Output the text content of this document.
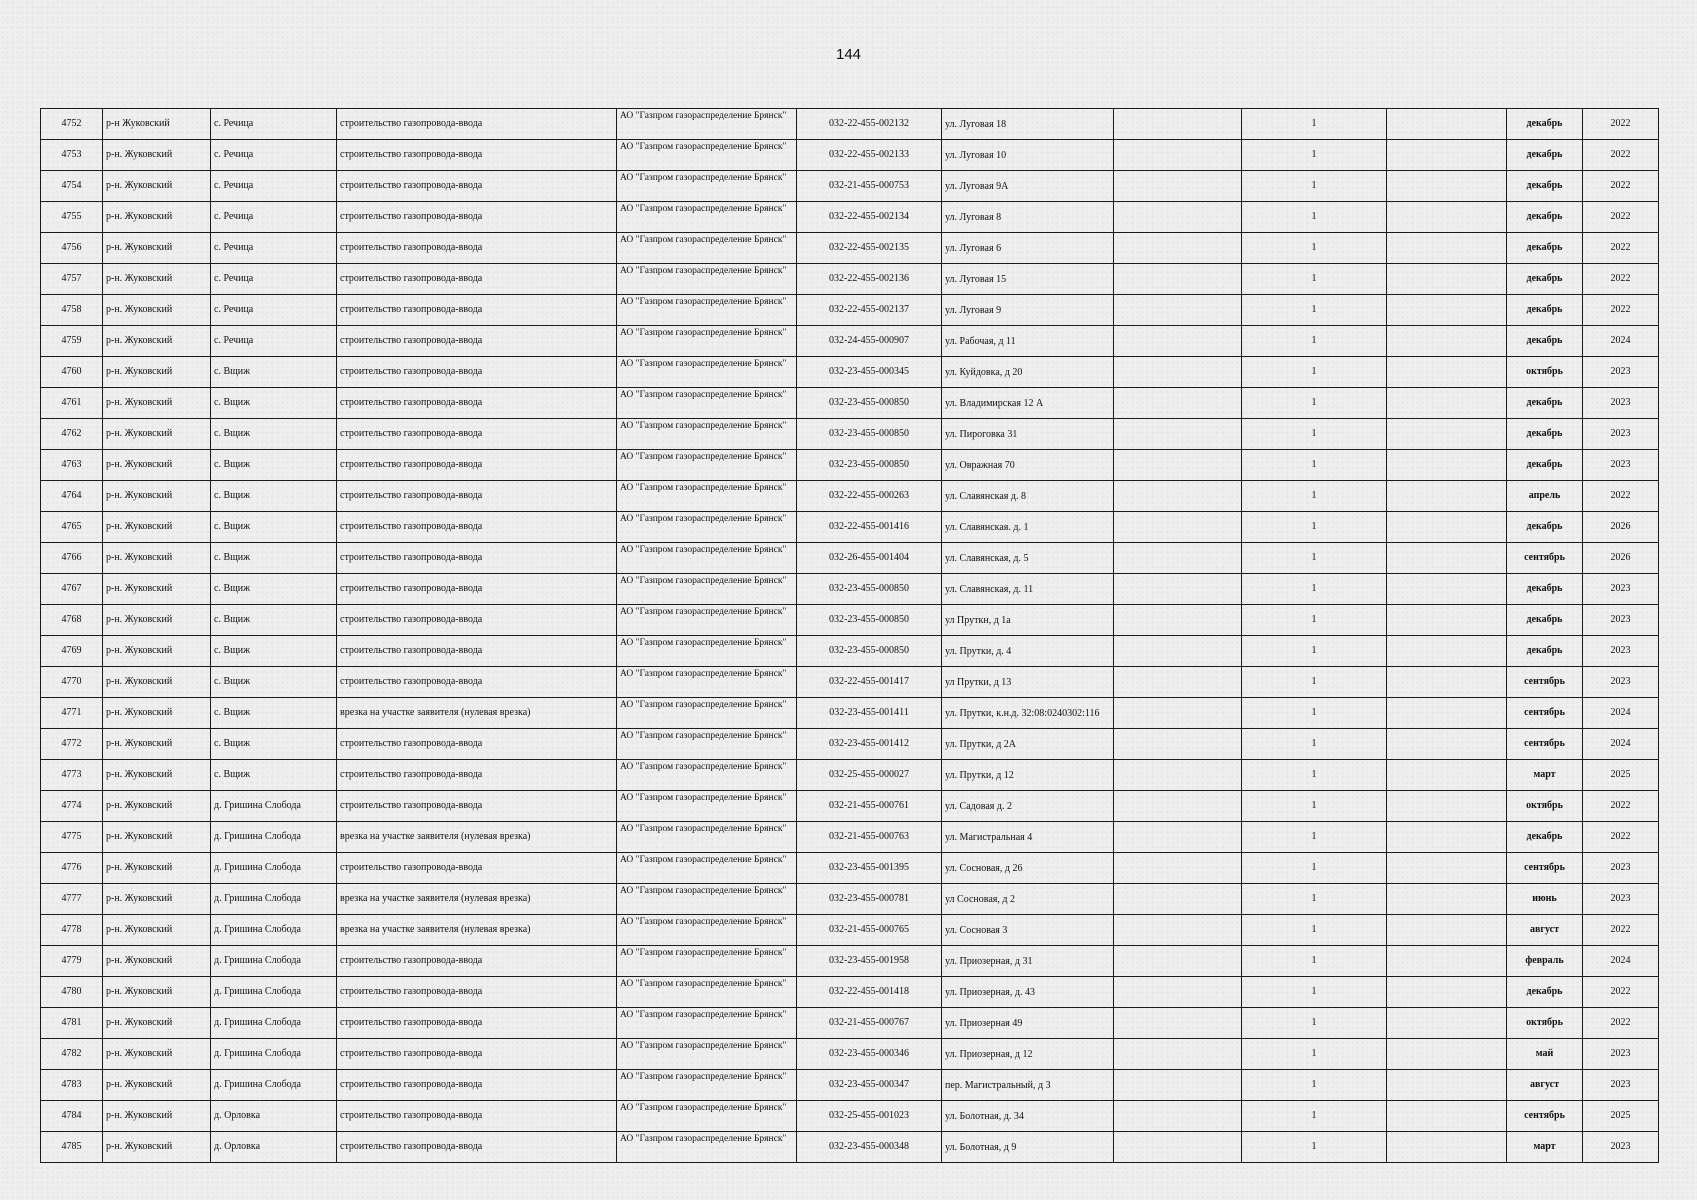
144
4752	р-н Жуковский	с. Речица	строительство газопровода-ввода	АО "Газпром газораспределение Брянск"	032-22-455-002132	ул. Луговая 18		1		декабрь	2022
4753	р-н. Жуковский	с. Речица	строительство газопровода-ввода	АО "Газпром газораспределение Брянск"	032-22-455-002133	ул. Луговая 10		1		декабрь	2022
4754	р-н. Жуковский	с. Речица	строительство газопровода-ввода	АО "Газпром газораспределение Брянск"	032-21-455-000753	ул. Луговая 9А		1		декабрь	2022
4755	р-н. Жуковский	с. Речица	строительство газопровода-ввода	АО "Газпром газораспределение Брянск"	032-22-455-002134	ул. Луговая 8		1		декабрь	2022
4756	р-н. Жуковский	с. Речица	строительство газопровода-ввода	АО "Газпром газораспределение Брянск"	032-22-455-002135	ул. Луговая 6		1		декабрь	2022
4757	р-н. Жуковский	с. Речица	строительство газопровода-ввода	АО "Газпром газораспределение Брянск"	032-22-455-002136	ул. Луговая 15		1		декабрь	2022
4758	р-н. Жуковский	с. Речица	строительство газопровода-ввода	АО "Газпром газораспределение Брянск"	032-22-455-002137	ул. Луговая 9		1		декабрь	2022
4759	р-н. Жуковский	с. Речица	строительство газопровода-ввода	АО "Газпром газораспределение Брянск"	032-24-455-000907	ул. Рабочая, д 11		1		декабрь	2024
4760	р-н. Жуковский	с. Вщиж	строительство газопровода-ввода	АО "Газпром газораспределение Брянск"	032-23-455-000345	ул. Куйдовка, д 20		1		октябрь	2023
4761	р-н. Жуковский	с. Вщиж	строительство газопровода-ввода	АО "Газпром газораспределение Брянск"	032-23-455-000850	ул. Владимирская 12 А		1		декабрь	2023
4762	р-н. Жуковский	с. Вщиж	строительство газопровода-ввода	АО "Газпром газораспределение Брянск"	032-23-455-000850	ул. Пироговка 31		1		декабрь	2023
4763	р-н. Жуковский	с. Вщиж	строительство газопровода-ввода	АО "Газпром газораспределение Брянск"	032-23-455-000850	ул. Овражная 70		1		декабрь	2023
4764	р-н. Жуковский	с. Вщиж	строительство газопровода-ввода	АО "Газпром газораспределение Брянск"	032-22-455-000263	ул. Славянская д. 8		1		апрель	2022
4765	р-н. Жуковский	с. Вщиж	строительство газопровода-ввода	АО "Газпром газораспределение Брянск"	032-22-455-001416	ул. Славянская. д. 1		1		декабрь	2026
4766	р-н. Жуковский	с. Вщиж	строительство газопровода-ввода	АО "Газпром газораспределение Брянск"	032-26-455-001404	ул. Славянская, д. 5		1		сентябрь	2026
4767	р-н. Жуковский	с. Вщиж	строительство газопровода-ввода	АО "Газпром газораспределение Брянск"	032-23-455-000850	ул. Славянская, д. 11		1		декабрь	2023
4768	р-н. Жуковский	с. Вщиж	строительство газопровода-ввода	АО "Газпром газораспределение Брянск"	032-23-455-000850	ул Пруткн, д 1а		1		декабрь	2023
4769	р-н. Жуковский	с. Вщиж	строительство газопровода-ввода	АО "Газпром газораспределение Брянск"	032-23-455-000850	ул. Прутки, д. 4		1		декабрь	2023
4770	р-н. Жуковский	с. Вщиж	строительство газопровода-ввода	АО "Газпром газораспределение Брянск"	032-22-455-001417	ул Прутки, д 13		1		сентябрь	2023
4771	р-н. Жуковский	с. Вщиж	врезка на участке заявителя (нулевая врезка)	АО "Газпром газораспределение Брянск"	032-23-455-001411	ул. Прутки, к.н.д. 32:08:0240302:116		1		сентябрь	2024
4772	р-н. Жуковский	с. Вщиж	строительство газопровода-ввода	АО "Газпром газораспределение Брянск"	032-23-455-001412	ул. Прутки, д 2А		1		сентябрь	2024
4773	р-н. Жуковский	с. Вщиж	строительство газопровода-ввода	АО "Газпром газораспределение Брянск"	032-25-455-000027	ул. Прутки, д 12		1		март	2025
4774	р-н. Жуковский	д. Гришина Слобода	строительство газопровода-ввода	АО "Газпром газораспределение Брянск"	032-21-455-000761	ул. Садовая д. 2		1		октябрь	2022
4775	р-н. Жуковский	д. Гришина Слобода	врезка на участке заявителя (нулевая врезка)	АО "Газпром газораспределение Брянск"	032-21-455-000763	ул. Магистральная 4		1		декабрь	2022
4776	р-н. Жуковский	д. Гришина Слобода	строительство газопровода-ввода	АО "Газпром газораспределение Брянск"	032-23-455-001395	ул. Сосновая, д 26		1		сентябрь	2023
4777	р-н. Жуковский	д. Гришина Слобода	врезка на участке заявителя (нулевая врезка)	АО "Газпром газораспределение Брянск"	032-23-455-000781	ул Сосновая, д 2		1		июнь	2023
4778	р-н. Жуковский	д. Гришина Слобода	врезка на участке заявителя (нулевая врезка)	АО "Газпром газораспределение Брянск"	032-21-455-000765	ул. Сосновая 3		1		август	2022
4779	р-н. Жуковский	д. Гришина Слобода	строительство газопровода-ввода	АО "Газпром газораспределение Брянск"	032-23-455-001958	ул. Приозерная, д 31		1		февраль	2024
4780	р-н. Жуковский	д. Гришина Слобода	строительство газопровода-ввода	АО "Газпром газораспределение Брянск"	032-22-455-001418	ул. Приозерная, д. 43		1		декабрь	2022
4781	р-н. Жуковский	д. Гришина Слобода	строительство газопровода-ввода	АО "Газпром газораспределение Брянск"	032-21-455-000767	ул. Приозерная 49		1		октябрь	2022
4782	р-н. Жуковский	д. Гришина Слобода	строительство газопровода-ввода	АО "Газпром газораспределение Брянск"	032-23-455-000346	ул. Приозерная, д 12		1		май	2023
4783	р-н. Жуковский	д. Гришина Слобода	строительство газопровода-ввода	АО "Газпром газораспределение Брянск"	032-23-455-000347	пер. Магистральный, д 3		1		август	2023
4784	р-н. Жуковский	д. Орловка	строительство газопровода-ввода	АО "Газпром газораспределение Брянск"	032-25-455-001023	ул. Болотная, д. 34		1		сентябрь	2025
4785	р-н. Жуковский	д. Орловка	строительство газопровода-ввода	АО "Газпром газораспределение Брянск"	032-23-455-000348	ул. Болотная, д 9		1		март	2023
